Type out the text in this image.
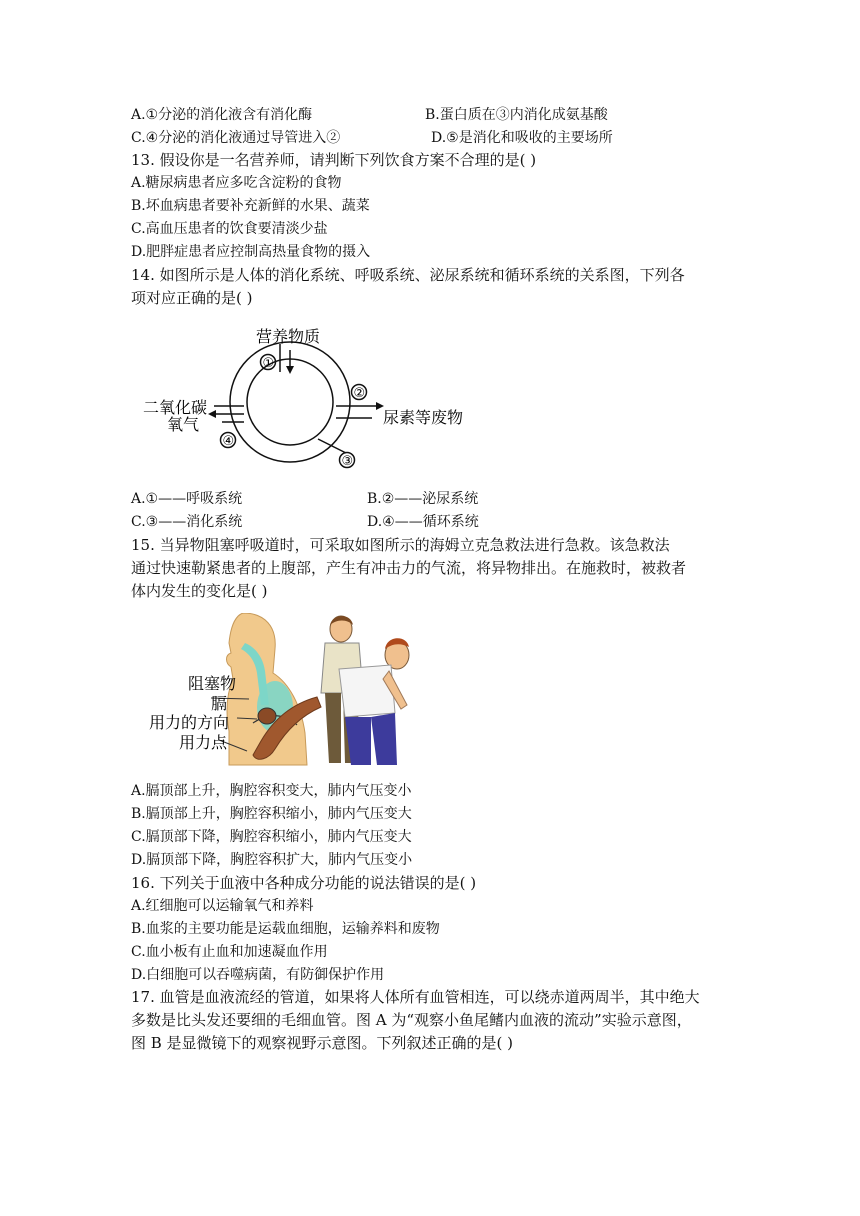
A.①分泌的消化液含有消化酶	B.蛋白质在③内消化成氨基酸
C.④分泌的消化液通过导管进入②	D.⑤是消化和吸收的主要场所
13. 假设你是一名营养师，请判断下列饮食方案不合理的是( )
A.糖尿病患者应多吃含淀粉的食物
B.坏血病患者要补充新鲜的水果、蔬菜
C.高血压患者的饮食要清淡少盐
D.肥胖症患者应控制高热量食物的摄入
14. 如图所示是人体的消化系统、呼吸系统、泌尿系统和循环系统的关系图，下列各
项对应正确的是( )
营养物质
二氧化碳
氧气	尿素等废物
①
②
④
③
A.①——呼吸系统	B.②——泌尿系统
C.③——消化系统	D.④——循环系统
15. 当异物阻塞呼吸道时，可采取如图所示的海姆立克急救法进行急救。该急救法
通过快速勒紧患者的上腹部，产生有冲击力的气流，将异物排出。在施救时，被救者
体内发生的变化是( )
阻塞物
膈
用力的方向
用力点
A.膈顶部上升，胸腔容积变大，肺内气压变小
B.膈顶部上升，胸腔容积缩小，肺内气压变大
C.膈顶部下降，胸腔容积缩小，肺内气压变大
D.膈顶部下降，胸腔容积扩大，肺内气压变小
16. 下列关于血液中各种成分功能的说法错误的是( )
A.红细胞可以运输氧气和养料
B.血浆的主要功能是运载血细胞，运输养料和废物
C.血小板有止血和加速凝血作用
D.白细胞可以吞噬病菌，有防御保护作用
17. 血管是血液流经的管道，如果将人体所有血管相连，可以绕赤道两周半，其中绝大
多数是比头发还要细的毛细血管。图 A 为“观察小鱼尾鳍内血液的流动”实验示意图，
图 B 是显微镜下的观察视野示意图。下列叙述正确的是( )
